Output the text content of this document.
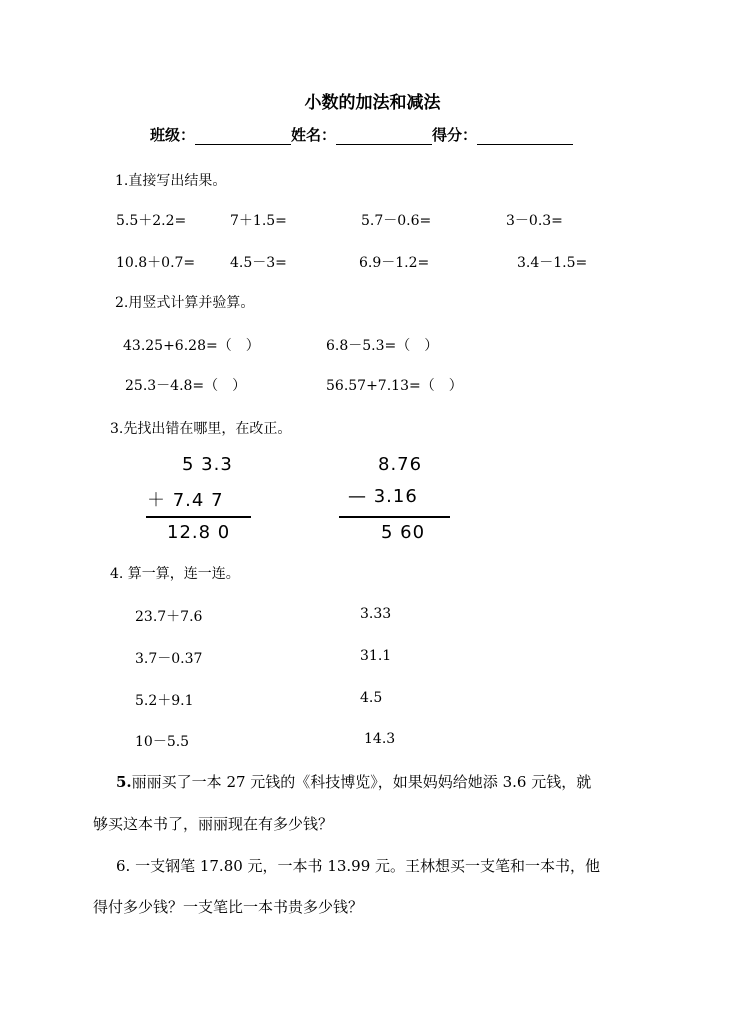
小数的加法和减法
班级：	姓名：	得分：
1.直接写出结果。
5.5＋2.2=	7＋1.5=	5.7－0.6=	3－0.3=
10.8＋0.7= 4.5－3=	6.9－1.2=	3.4－1.5=
2.用竖式计算并验算。
43.25+6.28=（　）	6.8－5.3=（　）
25.3－4.8=（　）	56.57+7.13=（　）
3.先找出错在哪里，在改正。
5 3.3
＋ 7.4 7
12.8 0
8.76
— 3.16
5 60
4. 算一算，连一连。
23.7＋7.6
3.7－0.37
5.2＋9.1
10－5.5
3.33
31.1
4.5
14.3
5.丽丽买了一本 27 元钱的《科技博览》，如果妈妈给她添 3.6 元钱，就
够买这本书了，丽丽现在有多少钱？
6. 一支钢笔 17.80 元，一本书 13.99 元。王林想买一支笔和一本书，他
得付多少钱？一支笔比一本书贵多少钱？
